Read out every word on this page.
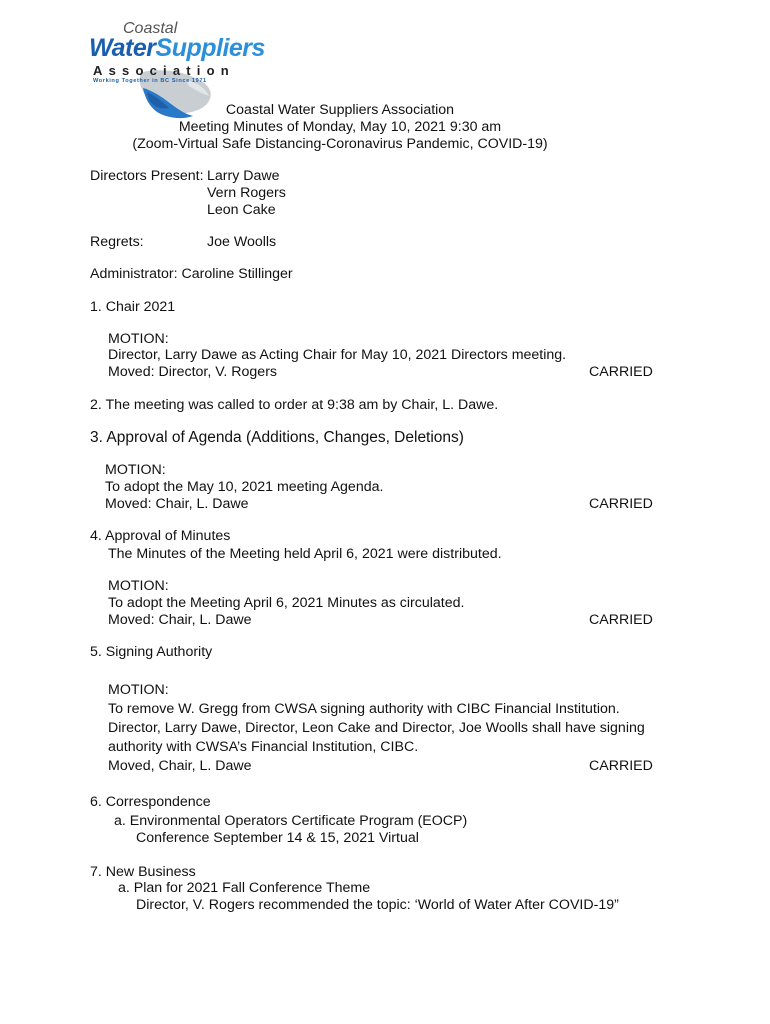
Coastal
WaterSuppliers
Association
Working Together in BC Since 1971
Coastal Water Suppliers Association
Meeting Minutes of Monday, May 10, 2021 9:30 am
(Zoom-Virtual Safe Distancing-Coronavirus Pandemic, COVID-19)
Directors Present: Larry Dawe
Vern Rogers
Leon Cake
Regrets:	Joe Woolls
Administrator: Caroline Stillinger
1. Chair 2021
MOTION:
Director, Larry Dawe as Acting Chair for May 10, 2021 Directors meeting.
Moved: Director, V. Rogers	CARRIED
2. The meeting was called to order at 9:38 am by Chair, L. Dawe.
3. Approval of Agenda (Additions, Changes, Deletions)
MOTION:
To adopt the May 10, 2021 meeting Agenda.
Moved: Chair, L. Dawe	CARRIED
4. Approval of Minutes
The Minutes of the Meeting held April 6, 2021 were distributed.
MOTION:
To adopt the Meeting April 6, 2021 Minutes as circulated.
Moved: Chair, L. Dawe	CARRIED
5. Signing Authority
MOTION:
To remove W. Gregg from CWSA signing authority with CIBC Financial Institution.
Director, Larry Dawe, Director, Leon Cake and Director, Joe Woolls shall have signing
authority with CWSA’s Financial Institution, CIBC.
Moved, Chair, L. Dawe	CARRIED
6. Correspondence
a. Environmental Operators Certificate Program (EOCP)
Conference September 14 & 15, 2021 Virtual
7. New Business
a. Plan for 2021 Fall Conference Theme
Director, V. Rogers recommended the topic: ‘World of Water After COVID-19”
